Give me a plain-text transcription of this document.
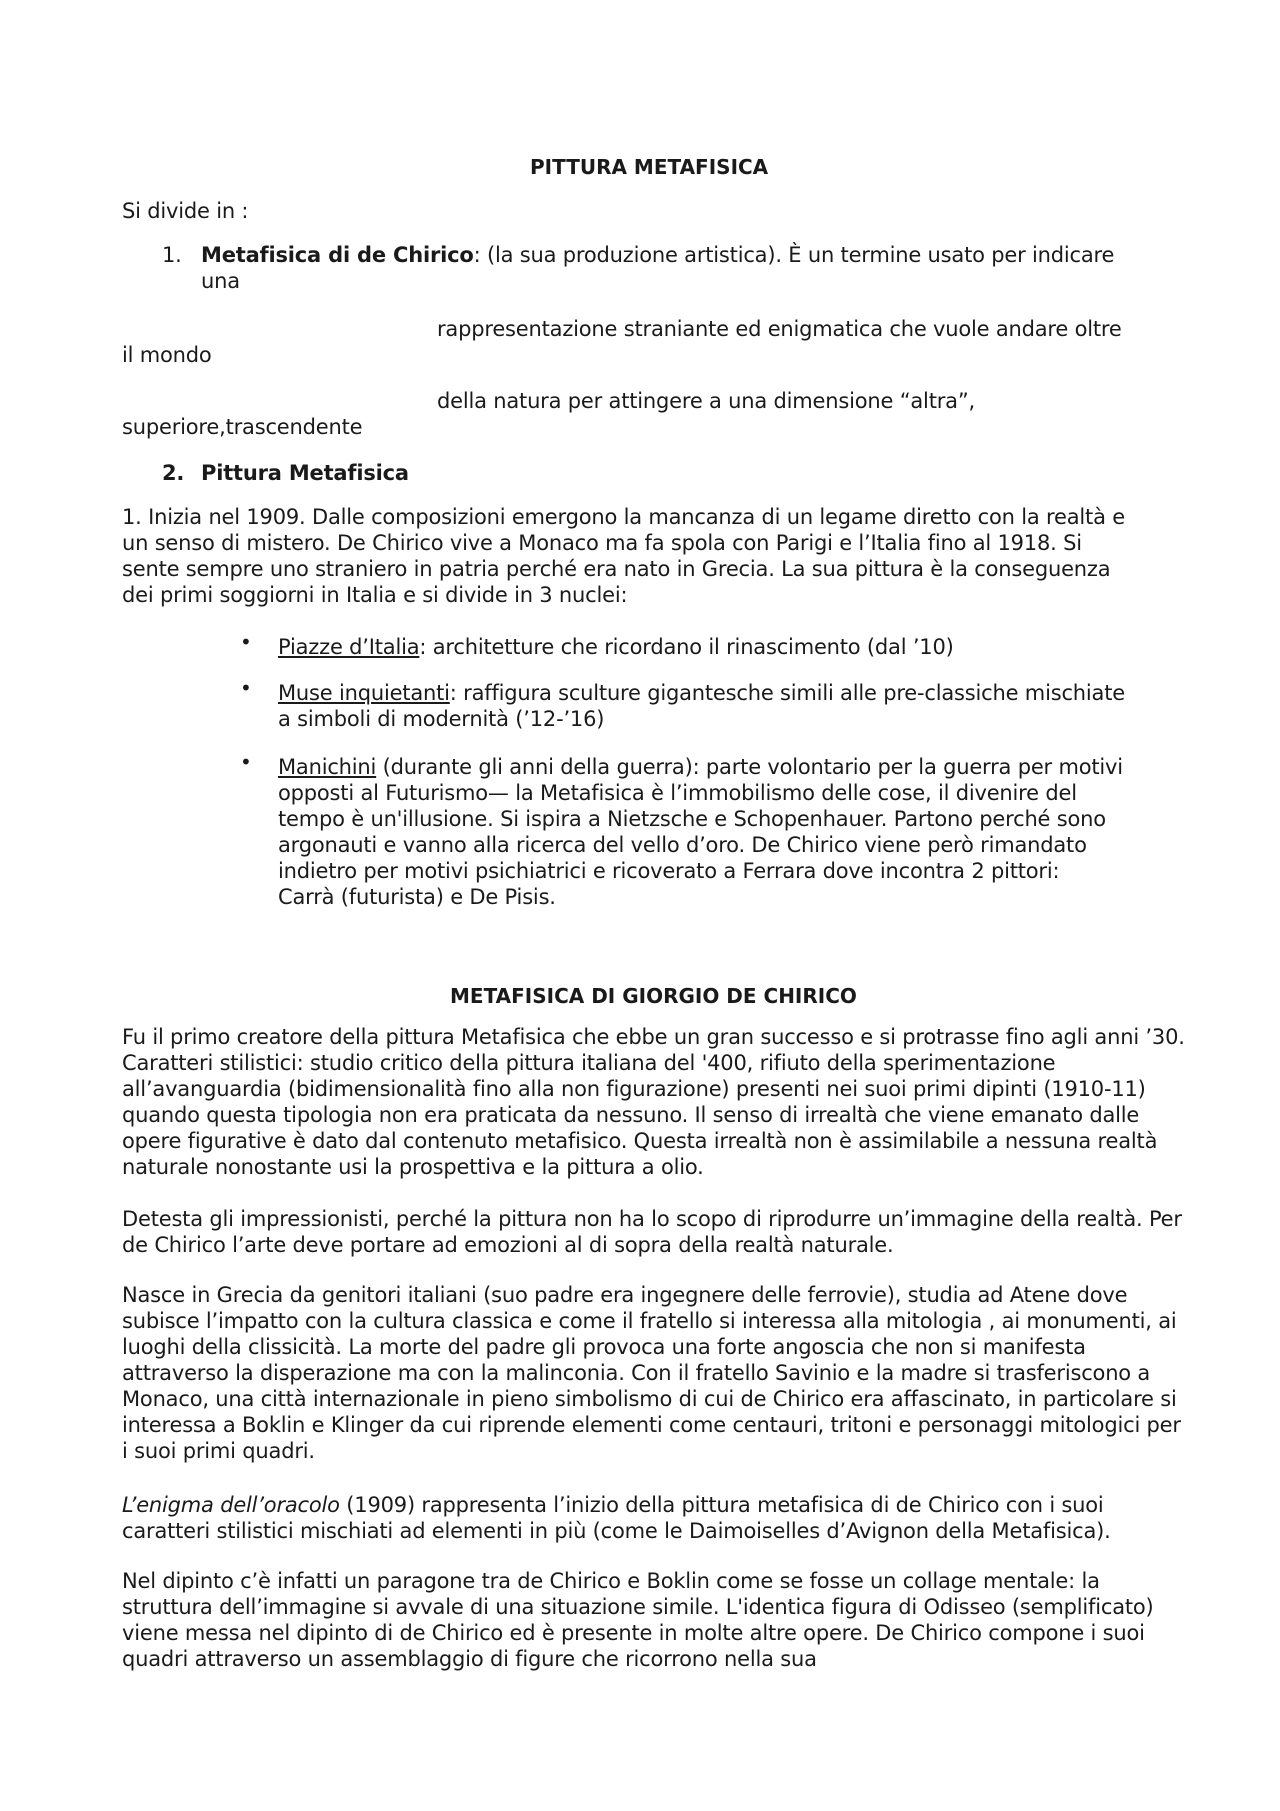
PITTURA METAFISICA
Si divide in :
1. Metafisica di de Chirico: (la sua produzione artistica). È un termine usato per indicare
una
rappresentazione straniante ed enigmatica che vuole andare oltre
il mondo
della natura per attingere a una dimensione “altra”,
superiore,trascendente
2. Pittura Metafisica
1. Inizia nel 1909. Dalle composizioni emergono la mancanza di un legame diretto con la realtà e
un senso di mistero. De Chirico vive a Monaco ma fa spola con Parigi e l’Italia fino al 1918. Si
sente sempre uno straniero in patria perché era nato in Grecia. La sua pittura è la conseguenza
dei primi soggiorni in Italia e si divide in 3 nuclei:
• Piazze d’Italia: architetture che ricordano il rinascimento (dal ’10)
• Muse inquietanti: raffigura sculture gigantesche simili alle pre-classiche mischiate
a simboli di modernità (’12-’16)
• Manichini (durante gli anni della guerra): parte volontario per la guerra per motivi
opposti al Futurismo— la Metafisica è l’immobilismo delle cose, il divenire del
tempo è un'illusione. Si ispira a Nietzsche e Schopenhauer. Partono perché sono
argonauti e vanno alla ricerca del vello d’oro. De Chirico viene però rimandato
indietro per motivi psichiatrici e ricoverato a Ferrara dove incontra 2 pittori:
Carrà (futurista) e De Pisis.
METAFISICA DI GIORGIO DE CHIRICO

Fu il primo creatore della pittura Metafisica che ebbe un gran successo e si protrasse fino agli anni ’30. Caratteri stilistici: studio critico della pittura italiana del '400, rifiuto della sperimentazione all’avanguardia (bidimensionalità fino alla non figurazione) presenti nei suoi primi dipinti (1910-11) quando questa tipologia non era praticata da nessuno. Il senso di irrealtà che viene emanato dalle opere figurative è dato dal contenuto metafisico. Questa irrealtà non è assimilabile a nessuna realtà naturale nonostante usi la prospettiva e la pittura a olio.

Detesta gli impressionisti, perché la pittura non ha lo scopo di riprodurre un’immagine della realtà. Per de Chirico l’arte deve portare ad emozioni al di sopra della realtà naturale.

Nasce in Grecia da genitori italiani (suo padre era ingegnere delle ferrovie), studia ad Atene dove subisce l’impatto con la cultura classica e come il fratello si interessa alla mitologia , ai monumenti, ai luoghi della clissicità. La morte del padre gli provoca una forte angoscia che non si manifesta attraverso la disperazione ma con la malinconia. Con il fratello Savinio e la madre si trasferiscono a Monaco, una città internazionale in pieno simbolismo di cui de Chirico era affascinato, in particolare si interessa a Boklin e Klinger da cui riprende elementi come centauri, tritoni e personaggi mitologici per i suoi primi quadri.

L’enigma dell’oracolo (1909) rappresenta l’inizio della pittura metafisica di de Chirico con i suoi caratteri stilistici mischiati ad elementi in più (come le Daimoiselles d’Avignon della Metafisica).

Nel dipinto c’è infatti un paragone tra de Chirico e Boklin come se fosse un collage mentale: la struttura dell’immagine si avvale di una situazione simile. L'identica figura di Odisseo (semplificato) viene messa nel dipinto di de Chirico ed è presente in molte altre opere. De Chirico compone i suoi quadri attraverso un assemblaggio di figure che ricorrono nella sua
